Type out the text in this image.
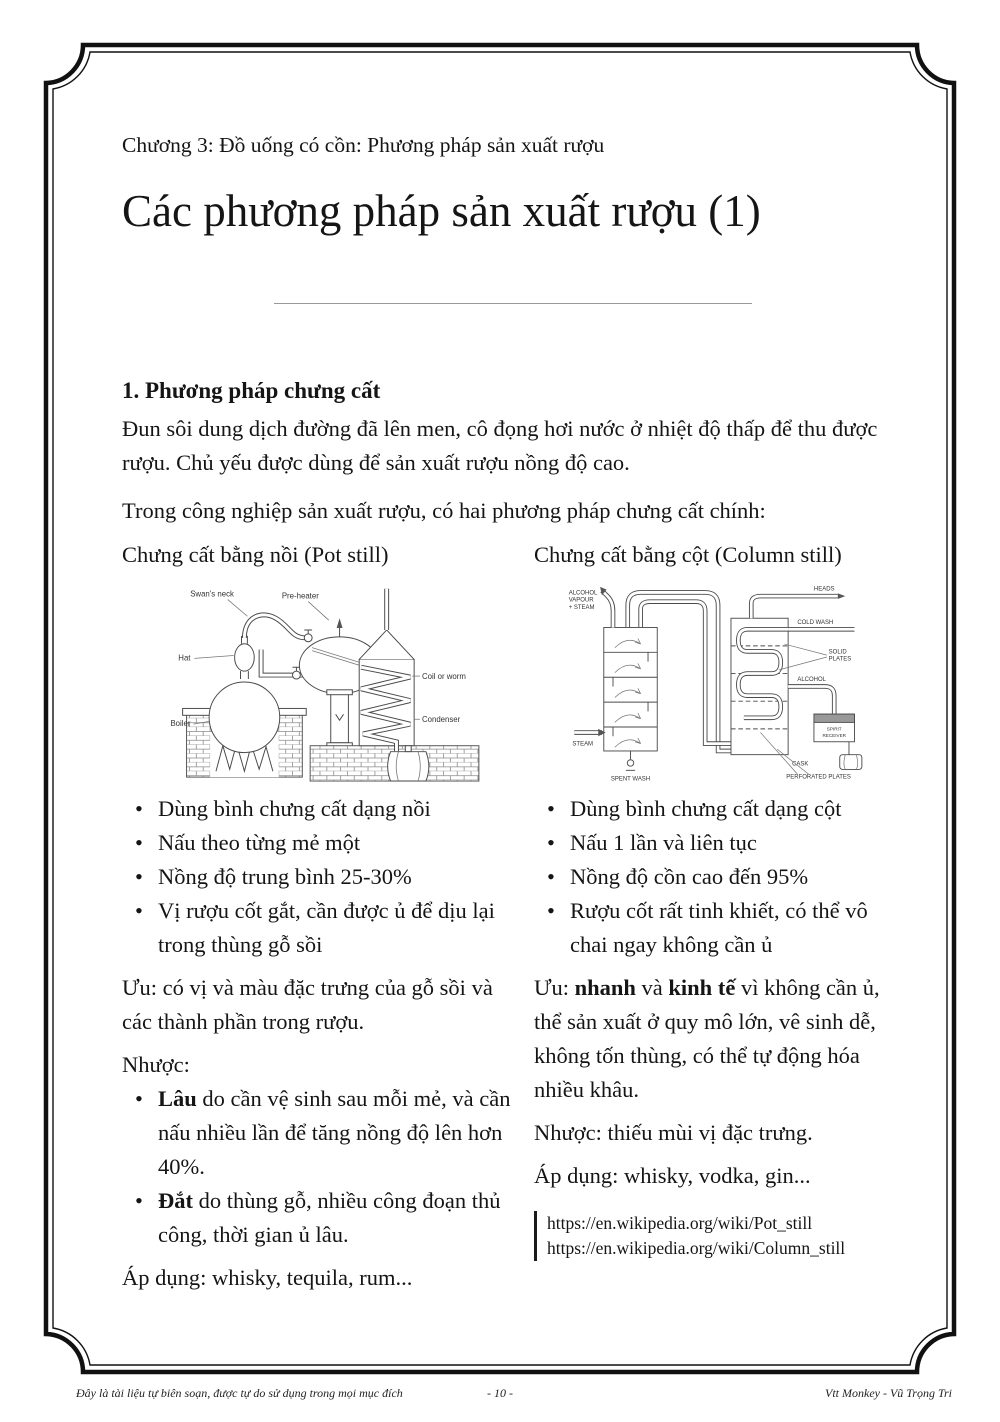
Chương 3: Đồ uống có cồn: Phương pháp sản xuất rượu
Các phương pháp sản xuất rượu (1)
1. Phương pháp chưng cất

Đun sôi dung dịch đường đã lên men, cô đọng hơi nước ở nhiệt độ thấp để thu được rượu. Chủ yếu được dùng để sản xuất rượu nồng độ cao.

Trong công nghiệp sản xuất rượu, có hai phương pháp chưng cất chính:

Chưng cất bằng nồi (Pot still)
Swan's neck	Pre-heater
Hat
Boiler
Coil or worm
Condenser
• Dùng bình chưng cất dạng nồi
• Nấu theo từng mẻ một
• Nồng độ trung bình 25-30%
• Vị rượu cốt gắt, cần được ủ để dịu lại trong thùng gỗ sồi

Ưu: có vị và màu đặc trưng của gỗ sồi và các thành phần trong rượu.

Nhược:

• Lâu do cần vệ sinh sau mỗi mẻ, và cần nấu nhiều lần để tăng nồng độ lên hơn 40%.
• Đắt do thùng gỗ, nhiều công đoạn thủ công, thời gian ủ lâu.

Áp dụng: whisky, tequila, rum...

Chưng cất bằng cột (Column still)
ALCOHOL
VAPOUR
+ STEAM
HEADS
COLD WASH
SOLID
PLATES
ALCOHOL
SPIRIT
RECEIVER
CASK
PERFORATED PLATES
STEAM
SPENT WASH
• Dùng bình chưng cất dạng cột
• Nấu 1 lần và liên tục
• Nồng độ cồn cao đến 95%
• Rượu cốt rất tinh khiết, có thể vô chai ngay không cần ủ

Ưu: nhanh và kinh tế vì không cần ủ, thể sản xuất ở quy mô lớn, vê sinh dễ, không tốn thùng, có thể tự động hóa nhiều khâu.

Nhược: thiếu mùi vị đặc trưng.

Áp dụng: whisky, vodka, gin...

https://en.wikipedia.org/wiki/Pot_still
https://en.wikipedia.org/wiki/Column_still
Đây là tài liệu tự biên soạn, được tự do sử dụng trong mọi mục đích	- 10 -	Vtt Monkey - Vũ Trọng Tri
